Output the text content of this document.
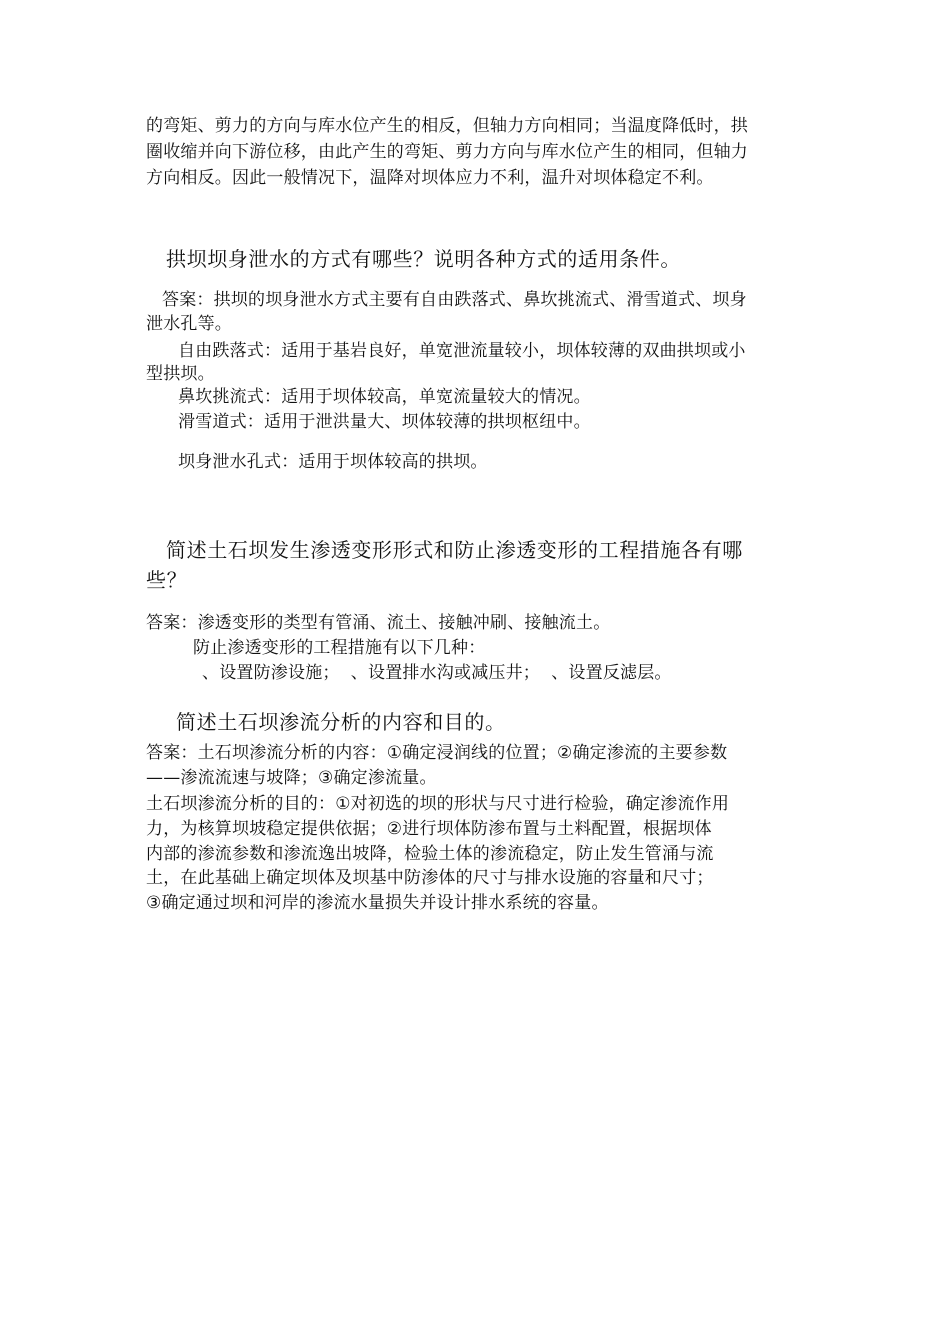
的弯矩、剪力的方向与库水位产生的相反，但轴力方向相同；当温度降低时，拱
圈收缩并向下游位移，由此产生的弯矩、剪力方向与库水位产生的相同，但轴力
方向相反。因此一般情况下，温降对坝体应力不利，温升对坝体稳定不利。
拱坝坝身泄水的方式有哪些？说明各种方式的适用条件。
答案：拱坝的坝身泄水方式主要有自由跌落式、鼻坎挑流式、滑雪道式、坝身
泄水孔等。
自由跌落式：适用于基岩良好，单宽泄流量较小，坝体较薄的双曲拱坝或小
型拱坝。
鼻坎挑流式：适用于坝体较高，单宽流量较大的情况。
滑雪道式：适用于泄洪量大、坝体较薄的拱坝枢纽中。
坝身泄水孔式：适用于坝体较高的拱坝。
简述土石坝发生渗透变形形式和防止渗透变形的工程措施各有哪
些？
答案：渗透变形的类型有管涌、流土、接触冲刷、接触流土。
防止渗透变形的工程措施有以下几种：
、设置防渗设施；  、设置排水沟或减压井；  、设置反滤层。
简述土石坝渗流分析的内容和目的。
答案：土石坝渗流分析的内容：①确定浸润线的位置；②确定渗流的主要参数
——渗流流速与坡降；③确定渗流量。
土石坝渗流分析的目的：①对初选的坝的形状与尺寸进行检验，确定渗流作用
力，为核算坝坡稳定提供依据；②进行坝体防渗布置与土料配置，根据坝体
内部的渗流参数和渗流逸出坡降，检验土体的渗流稳定，防止发生管涌与流
土，在此基础上确定坝体及坝基中防渗体的尺寸与排水设施的容量和尺寸；
③确定通过坝和河岸的渗流水量损失并设计排水系统的容量。
